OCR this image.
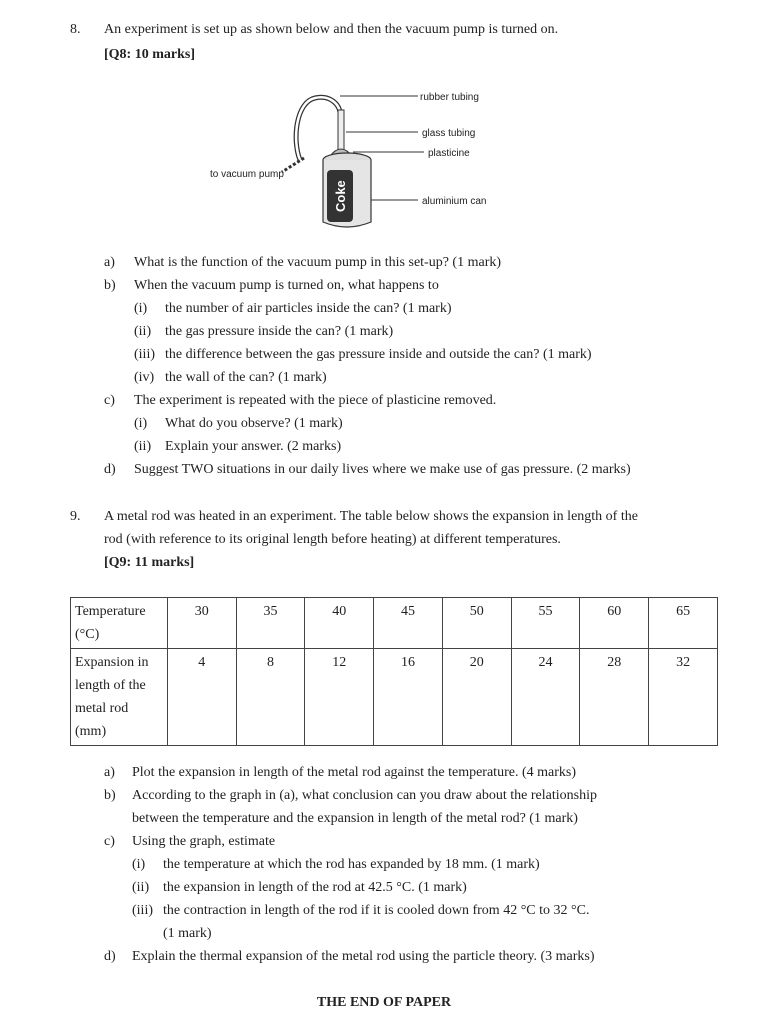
8. An experiment is set up as shown below and then the vacuum pump is turned on.
[Q8: 10 marks]
Coke
rubber tubing
glass tubing
plasticine
to vacuum pump
aluminium can
a) What is the function of the vacuum pump in this set-up? (1 mark)
b) When the vacuum pump is turned on, what happens to
(i) the number of air particles inside the can? (1 mark)
(ii) the gas pressure inside the can? (1 mark)
(iii) the difference between the gas pressure inside and outside the can? (1 mark)
(iv) the wall of the can? (1 mark)
c) The experiment is repeated with the piece of plasticine removed.
(i) What do you observe? (1 mark)
(ii) Explain your answer. (2 marks)
d) Suggest TWO situations in our daily lives where we make use of gas pressure. (2 marks)
9. A metal rod was heated in an experiment. The table below shows the expansion in length of the
rod (with reference to its original length before heating) at different temperatures.
[Q9: 11 marks]
Temperature
(°C)	30	35	40	45	50	55	60	65

Expansion in
length of the
metal rod
(mm)	4	8	12	16	20	24	28	32
a) Plot the expansion in length of the metal rod against the temperature. (4 marks)
b) According to the graph in (a), what conclusion can you draw about the relationship
between the temperature and the expansion in length of the metal rod? (1 mark)
c) Using the graph, estimate
(i) the temperature at which the rod has expanded by 18 mm. (1 mark)
(ii) the expansion in length of the rod at 42.5 °C. (1 mark)
(iii) the contraction in length of the rod if it is cooled down from 42 °C to 32 °C.
(1 mark)
d) Explain the thermal expansion of the metal rod using the particle theory. (3 marks)
THE END OF PAPER
